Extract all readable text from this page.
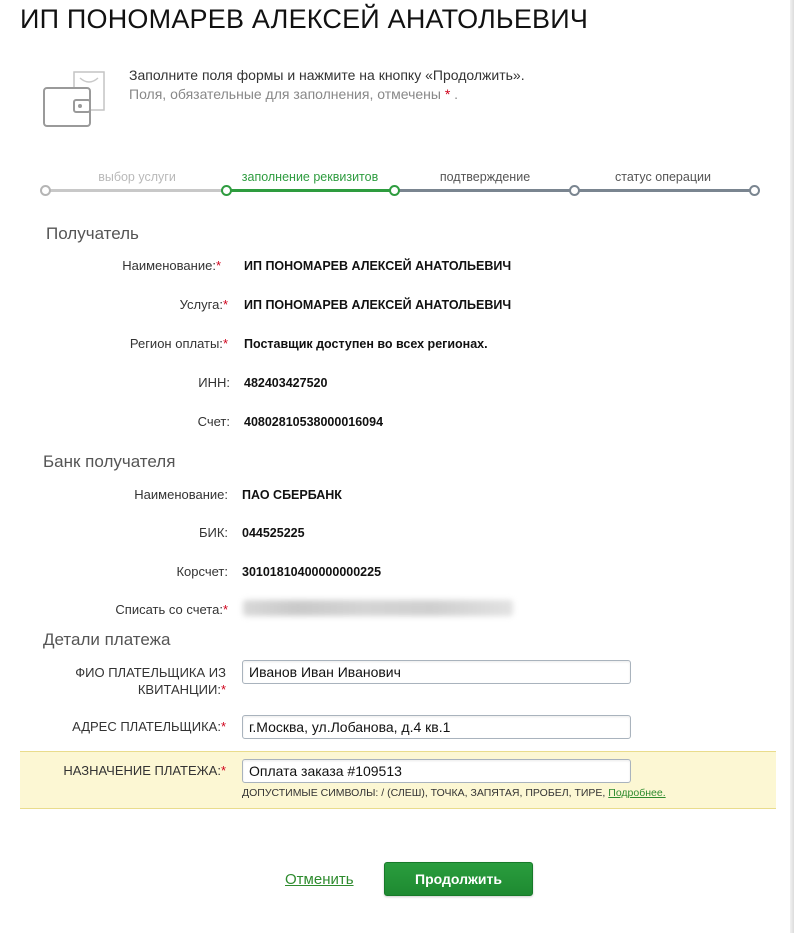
ИП ПОНОМАРЕВ АЛЕКСЕЙ АНАТОЛЬЕВИЧ
Заполните поля формы и нажмите на кнопку «Продолжить».
Поля, обязательные для заполнения, отмечены * .
выбор услуги	заполнение реквизитов	подтверждение	статус операции
Получатель
Наименование:* ИП ПОНОМАРЕВ АЛЕКСЕЙ АНАТОЛЬЕВИЧ
Услуга:* ИП ПОНОМАРЕВ АЛЕКСЕЙ АНАТОЛЬЕВИЧ
Регион оплаты:* Поставщик доступен во всех регионах.
ИНН: 482403427520
Счет: 40802810538000016094
Банк получателя
Наименование: ПАО СБЕРБАНК
БИК: 044525225
Корсчет: 30101810400000000225
Списать со счета:*
Детали платежа
ФИО ПЛАТЕЛЬЩИКА ИЗ
КВИТАНЦИИ:*
Иванов Иван Иванович
АДРЕС ПЛАТЕЛЬЩИКА:*
г.Москва, ул.Лобанова, д.4 кв.1
НАЗНАЧЕНИЕ ПЛАТЕЖА:*
Оплата заказа #109513
ДОПУСТИМЫЕ СИМВОЛЫ: / (СЛЕШ), ТОЧКА, ЗАПЯТАЯ, ПРОБЕЛ, ТИРЕ, Подробнее.
Отменить	Продолжить
